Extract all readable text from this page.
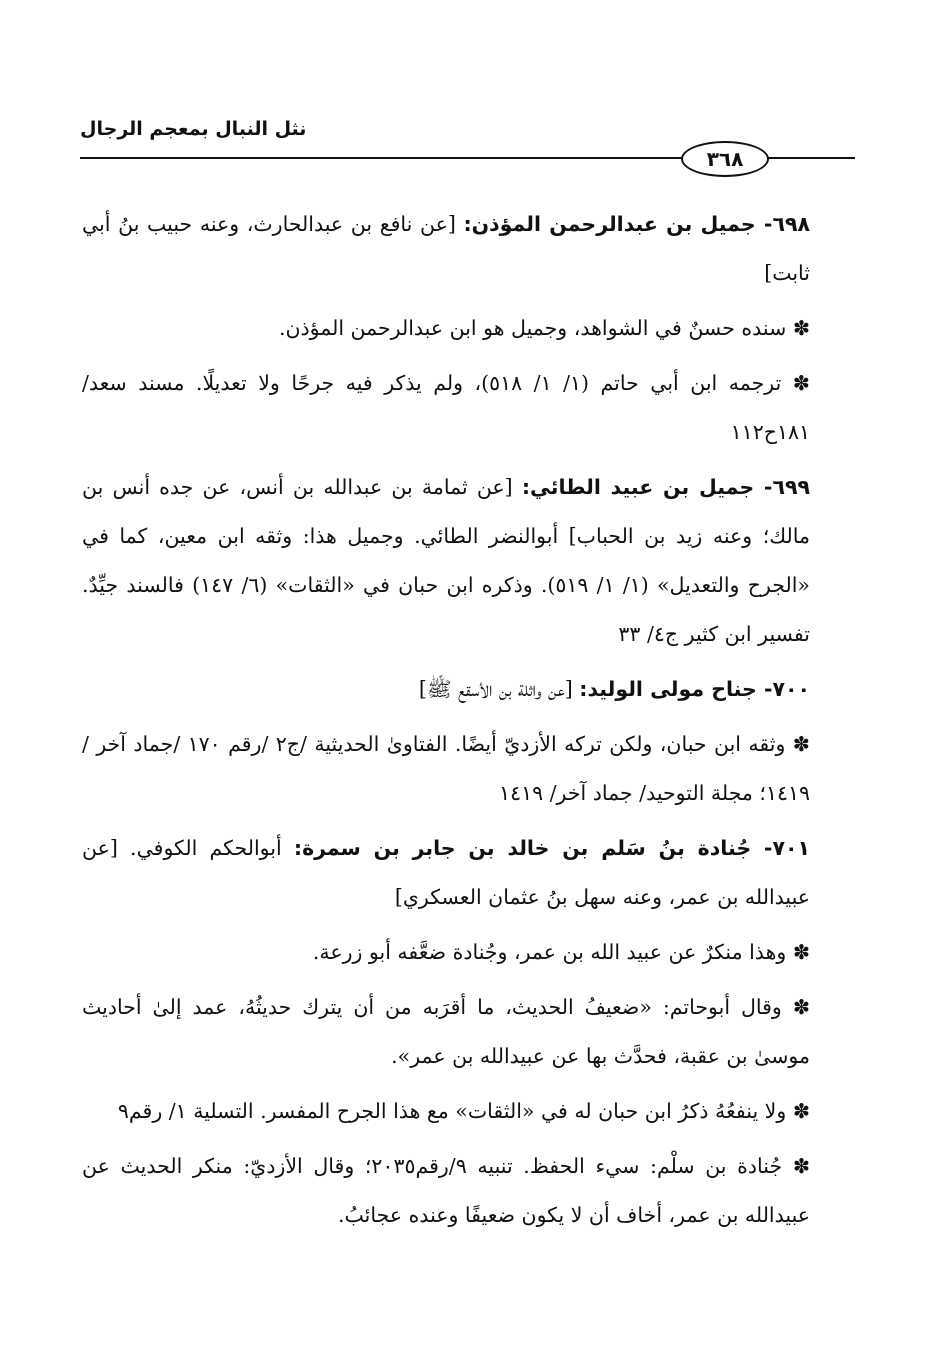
نثل النبال بمعجم الرجال
٣٦٨

٦٩٨- جميل بن عبدالرحمن المؤذن: [عن نافع بن عبدالحارث، وعنه حبيب بنُ أبي ثابت]

✽ سنده حسنٌ في الشواهد، وجميل هو ابن عبدالرحمن المؤذن.

✽ ترجمه ابن أبي حاتم (١/ ١/ ٥١٨)، ولم يذكر فيه جرحًا ولا تعديلًا. مسند سعد/ ١٨١ح١١٢

٦٩٩- جميل بن عبيد الطائي: [عن ثمامة بن عبدالله بن أنس، عن جده أنس بن مالك؛ وعنه زيد بن الحباب] أبوالنضر الطائي. وجميل هذا: وثقه ابن معين، كما في «الجرح والتعديل» (١/ ١/ ٥١٩). وذكره ابن حبان في «الثقات» (٦/ ١٤٧) فالسند جيِّدٌ. تفسير ابن كثير ج٤/ ٣٣

٧٠٠- جناح مولى الوليد: [عن واثلة بن الأسقع ﷺ]

✽ وثقه ابن حبان، ولكن تركه الأزديّ أيضًا. الفتاوىٰ الحديثية /ج٢ /رقم ١٧٠ /جماد آخر /١٤١٩؛ مجلة التوحيد/ جماد آخر/ ١٤١٩

٧٠١- جُنادة بنُ سَلم بن خالد بن جابر بن سمرة: أبوالحكم الكوفي. [عن عبيدالله بن عمر، وعنه سهل بنُ عثمان العسكري]

✽ وهذا منكرٌ عن عبيد الله بن عمر، وجُنادة ضعَّفه أبو زرعة.

✽ وقال أبوحاتم: «ضعيفُ الحديث، ما أقرَبه من أن يترك حديثُهُ، عمد إلىٰ أحاديث موسىٰ بن عقبة، فحدَّث بها عن عبيدالله بن عمر».

✽ ولا ينفعُهُ ذكرُ ابن حبان له في «الثقات» مع هذا الجرح المفسر. التسلية ١/ رقم٩

✽ جُنادة بن سلْم: سيء الحفظ. تنبيه ٩/رقم٢٠٣٥؛ وقال الأزديّ: منكر الحديث عن عبيدالله بن عمر، أخاف أن لا يكون ضعيفًا وعنده عجائبُ.
